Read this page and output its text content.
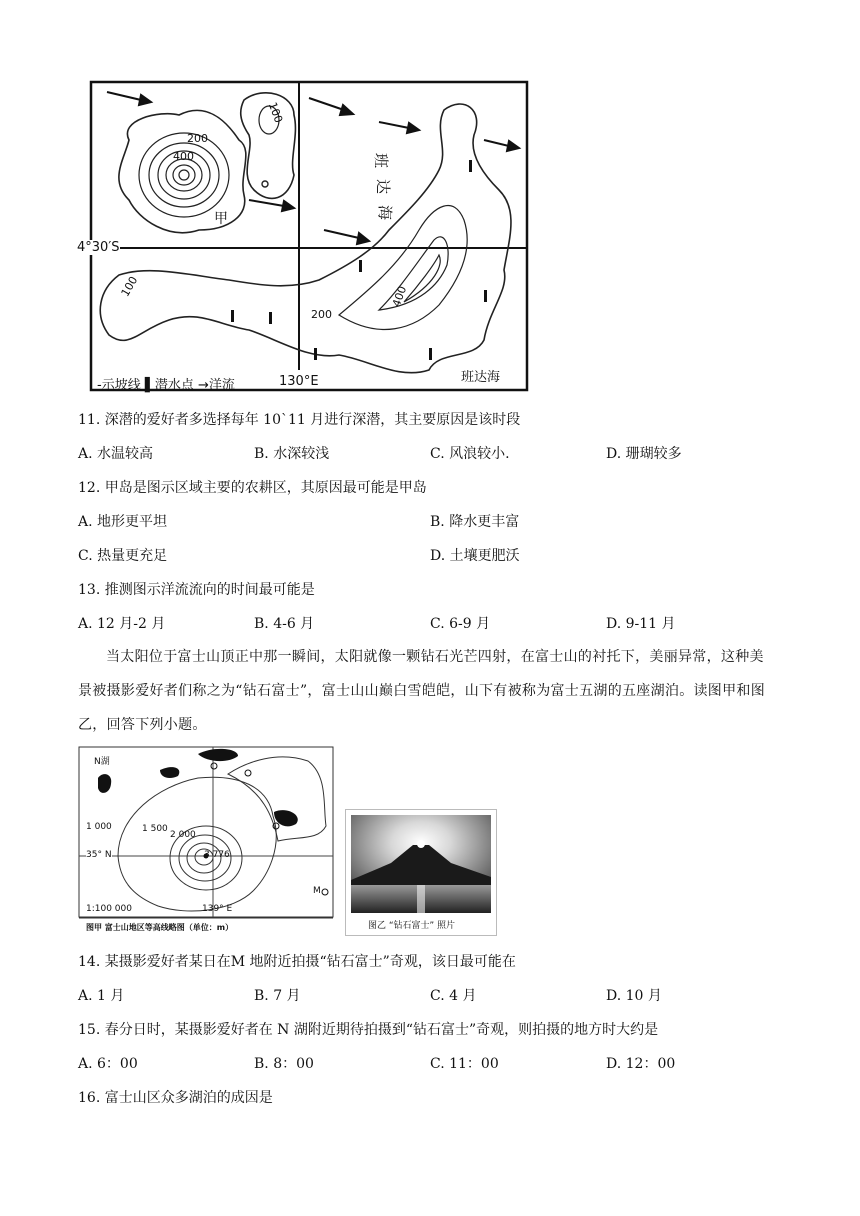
100
200
400
100
200
400
甲
班
达
海
4°30′S
130°E	班达海
-示坡线 ▌潜水点 →洋流
11. 深潜的爱好者多选择每年 10`11 月进行深潜，其主要原因是该时段
A. 水温较高	B. 水深较浅	C. 风浪较小.	D. 珊瑚较多
12. 甲岛是图示区域主要的农耕区，其原因最可能是甲岛
A. 地形更平坦	B. 降水更丰富
C. 热量更充足	D. 土壤更肥沃
13. 推测图示洋流流向的时间最可能是
A. 12 月-2 月	B. 4-6 月	C. 6-9 月	D. 9-11 月
当太阳位于富士山顶正中那一瞬间，太阳就像一颗钻石光芒四射，在富士山的衬托下，美丽异常，这种美景被摄影爱好者们称之为“钻石富士”，富士山山巅白雪皑皑，山下有被称为富士五湖的五座湖泊。读图甲和图乙，回答下列小题。
N湖
1 000	1 500
2 000
3 776
35° N
139° E
1:100 000
M
图甲 富士山地区等高线略图（单位：m）	图乙 “钻石富士” 照片
14. 某摄影爱好者某日在M 地附近拍摄“钻石富士”奇观，该日最可能在
A. 1 月	B. 7 月	C. 4 月	D. 10 月
15. 春分日时，某摄影爱好者在 N 湖附近期待拍摄到“钻石富士”奇观，则拍摄的地方时大约是
A. 6：00	B. 8：00	C. 11：00	D. 12：00
16. 富士山区众多湖泊的成因是
